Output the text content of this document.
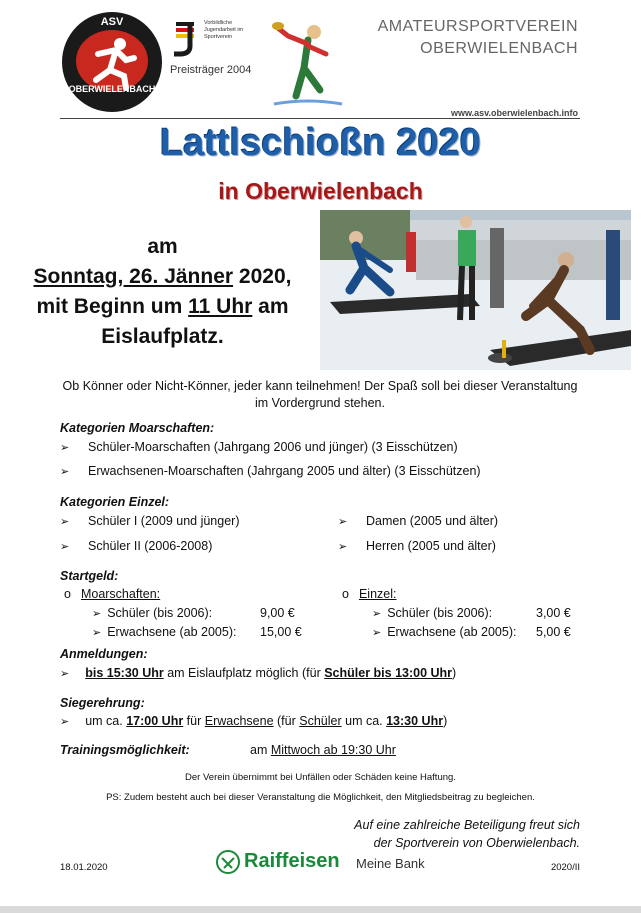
ASV
OBERWIELENBACH
Vorbildliche Jugendarbeit im Sportverein
Preisträger 2004
AMATEURSPORTVEREIN
OBERWIELENBACH
www.asv.oberwielenbach.info
Lattlschioßn 2020
in Oberwielenbach
am
Sonntag, 26. Jänner 2020,
mit Beginn um 11 Uhr am
Eislaufplatz.
Ob Könner oder Nicht-Könner, jeder kann teilnehmen! Der Spaß soll bei dieser Veranstaltung im Vordergrund stehen.
Kategorien Moarschaften:
➢ Schüler-Moarschaften (Jahrgang 2006 und jünger) (3 Eisschützen)
➢ Erwachsenen-Moarschaften (Jahrgang 2005 und älter) (3 Eisschützen)
Kategorien Einzel:
➢ Schüler I (2009 und jünger)
➢ Schüler II (2006-2008)
➢ Damen (2005 und älter)
➢ Herren (2005 und älter)
Startgeld:
o Moarschaften:
➢ Schüler (bis 2006):	9,00 €
➢ Erwachsene (ab 2005): 15,00 €
o Einzel:
➢ Schüler (bis 2006):	3,00 €
➢ Erwachsene (ab 2005): 5,00 €
Anmeldungen:
➢ bis 15:30 Uhr am Eislaufplatz möglich (für Schüler bis 13:00 Uhr)
Siegerehrung:
➢ um ca. 17:00 Uhr für Erwachsene (für Schüler um ca. 13:30 Uhr)
Trainingsmöglichkeit:	am Mittwoch ab 19:30 Uhr
Der Verein übernimmt bei Unfällen oder Schäden keine Haftung.
PS: Zudem besteht auch bei dieser Veranstaltung die Möglichkeit, den Mitgliedsbeitrag zu begleichen.
Auf eine zahlreiche Beteiligung freut sich
der Sportverein von Oberwielenbach.
18.01.2020	Raiffeisen Meine Bank	2020/II
